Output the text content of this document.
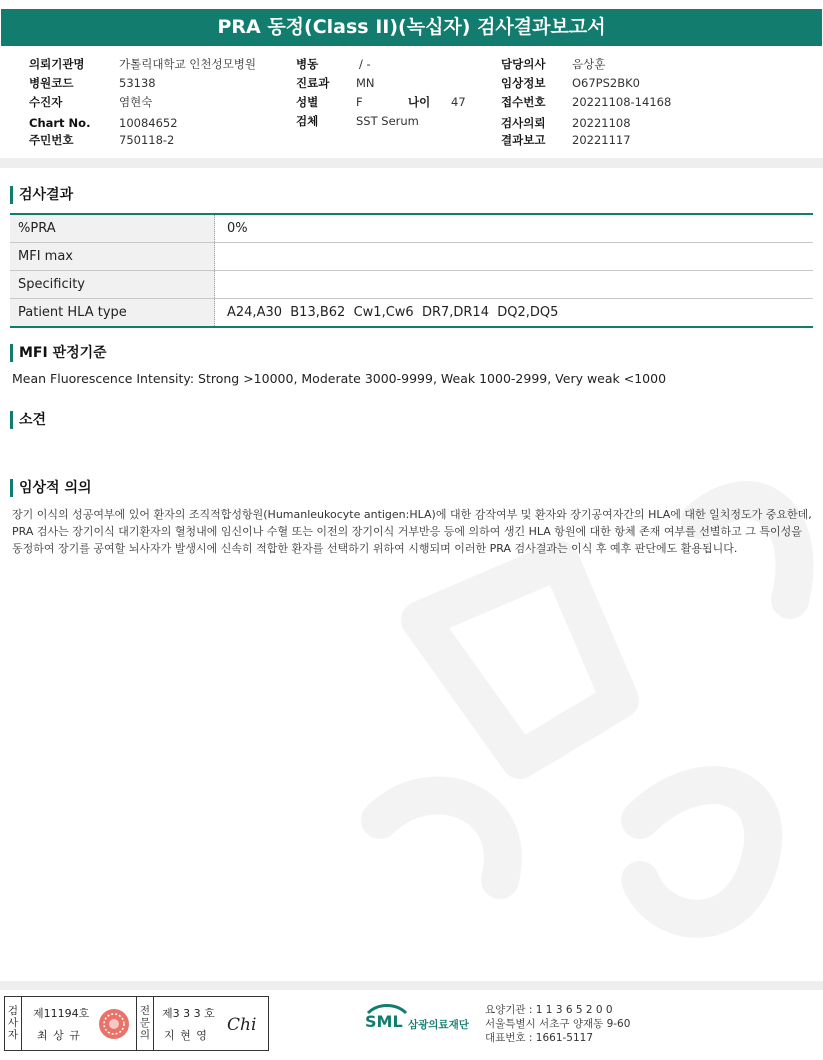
PRA 동정(Class II)(녹십자) 검사결과보고서
의뢰기관명	가톨릭대학교 인천성모병원
병원코드	53138
수진자	염현숙
Chart No. 10084652
주민번호	750118-2
병동	/ -
진료과 MN
성별	F	나이 47
검체	SST Serum
담당의사 음상훈
임상정보 O67PS2BK0
접수번호 20221108-14168
검사의뢰 20221108
결과보고 20221117
검사결과
%PRA	0%
MFI max	
Specificity	
Patient HLA type	A24,A30  B13,B62  Cw1,Cw6  DR7,DR14  DQ2,DQ5
MFI 판정기준
Mean Fluorescence Intensity: Strong >10000, Moderate 3000-9999, Weak 1000-2999, Very weak <1000
소견
임상적 의의
장기 이식의 성공여부에 있어 환자의 조직적합성항원(Humanleukocyte antigen:HLA)에 대한 감작여부 및 환자와 장기공여자간의 HLA에 대한 일치정도가 중요한데, PRA 검사는 장기이식 대기환자의 혈청내에 임신이나 수혈 또는 이전의 장기이식 거부반응 등에 의하여 생긴 HLA 항원에 대한 항체 존재 여부를 선별하고 그 특이성을 동정하여 장기를 공여할 뇌사자가 발생시에 신속히 적합한 환자를 선택하기 위하여 시행되며 이러한 PRA 검사결과는 이식 후 예후 판단에도 활용됩니다.
검사자
제11194호
최 상 규
전문의
제3 3 3 호
지 현 영
Chi	SML 삼광의료재단
요양기관 : 1 1 3 6 5 2 0 0
서울특별시 서초구 양재동 9-60
대표번호 : 1661-5117
